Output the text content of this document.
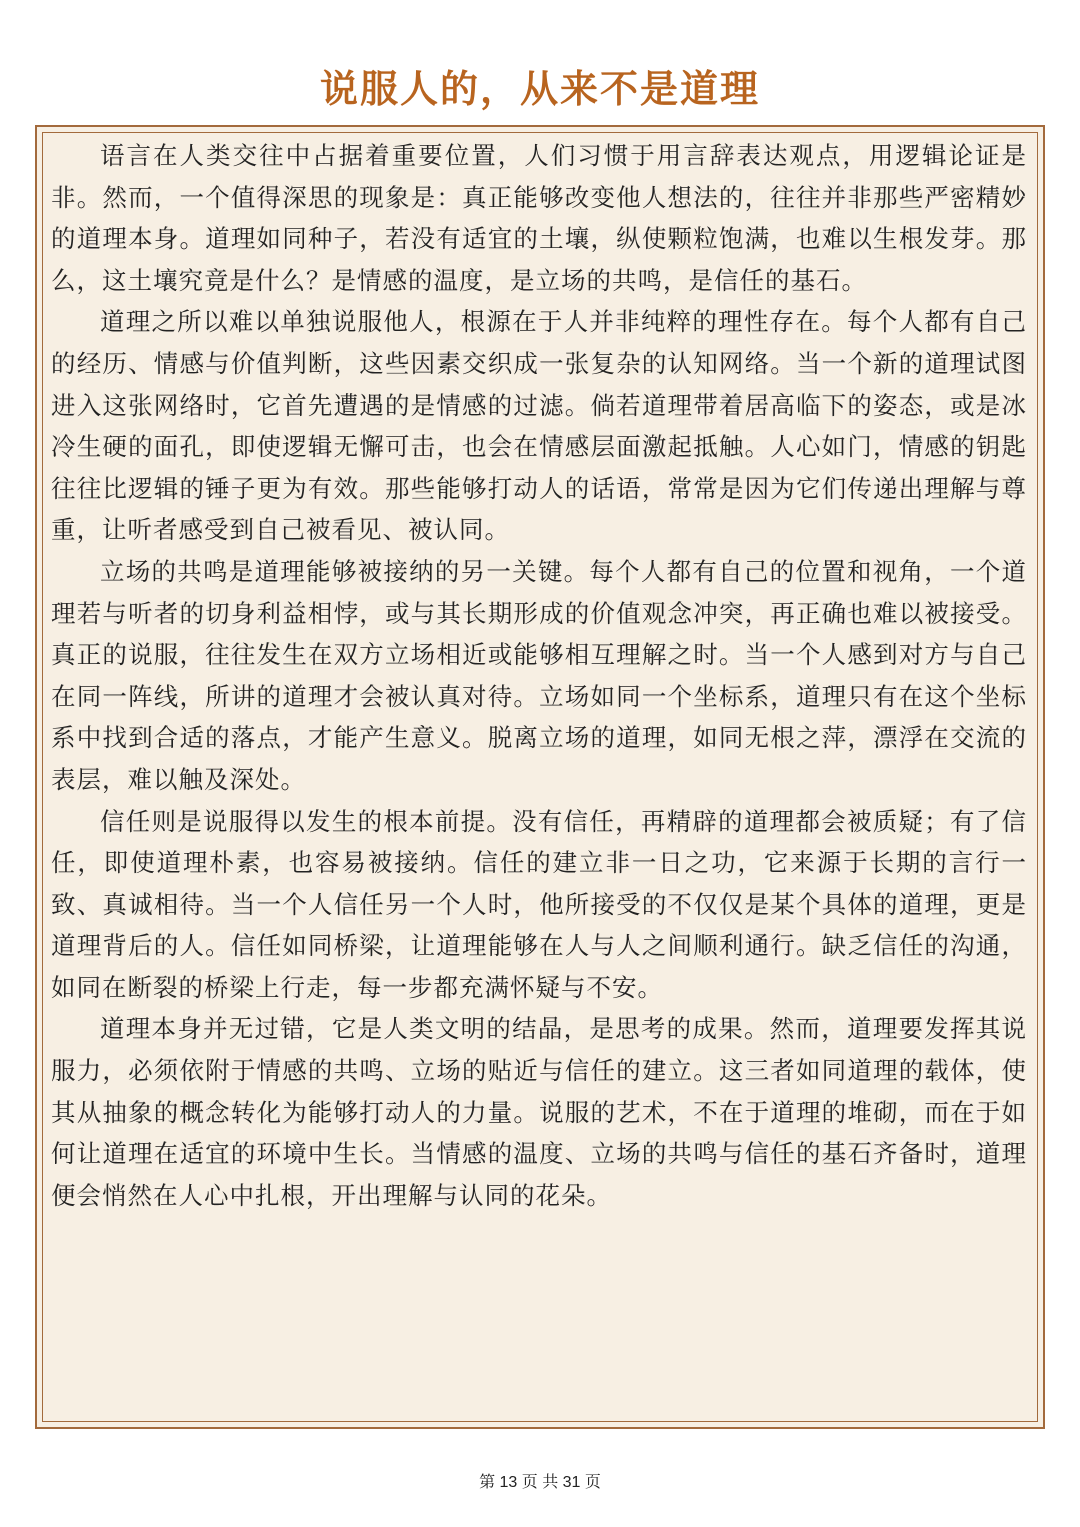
说服人的，从来不是道理

语言在人类交往中占据着重要位置，人们习惯于用言辞表达观点，用逻辑论证是非。然而，一个值得深思的现象是：真正能够改变他人想法的，往往并非那些严密精妙的道理本身。道理如同种子，若没有适宜的土壤，纵使颗粒饱满，也难以生根发芽。那么，这土壤究竟是什么？是情感的温度，是立场的共鸣，是信任的基石。

道理之所以难以单独说服他人，根源在于人并非纯粹的理性存在。每个人都有自己的经历、情感与价值判断，这些因素交织成一张复杂的认知网络。当一个新的道理试图进入这张网络时，它首先遭遇的是情感的过滤。倘若道理带着居高临下的姿态，或是冰冷生硬的面孔，即使逻辑无懈可击，也会在情感层面激起抵触。人心如门，情感的钥匙往往比逻辑的锤子更为有效。那些能够打动人的话语，常常是因为它们传递出理解与尊重，让听者感受到自己被看见、被认同。

立场的共鸣是道理能够被接纳的另一关键。每个人都有自己的位置和视角，一个道理若与听者的切身利益相悖，或与其长期形成的价值观念冲突，再正确也难以被接受。真正的说服，往往发生在双方立场相近或能够相互理解之时。当一个人感到对方与自己在同一阵线，所讲的道理才会被认真对待。立场如同一个坐标系，道理只有在这个坐标系中找到合适的落点，才能产生意义。脱离立场的道理，如同无根之萍，漂浮在交流的表层，难以触及深处。

信任则是说服得以发生的根本前提。没有信任，再精辟的道理都会被质疑；有了信任，即使道理朴素，也容易被接纳。信任的建立非一日之功，它来源于长期的言行一致、真诚相待。当一个人信任另一个人时，他所接受的不仅仅是某个具体的道理，更是道理背后的人。信任如同桥梁，让道理能够在人与人之间顺利通行。缺乏信任的沟通，如同在断裂的桥梁上行走，每一步都充满怀疑与不安。

道理本身并无过错，它是人类文明的结晶，是思考的成果。然而，道理要发挥其说服力，必须依附于情感的共鸣、立场的贴近与信任的建立。这三者如同道理的载体，使其从抽象的概念转化为能够打动人的力量。说服的艺术，不在于道理的堆砌，而在于如何让道理在适宜的环境中生长。当情感的温度、立场的共鸣与信任的基石齐备时，道理便会悄然在人心中扎根，开出理解与认同的花朵。

第 13 页 共 31 页
